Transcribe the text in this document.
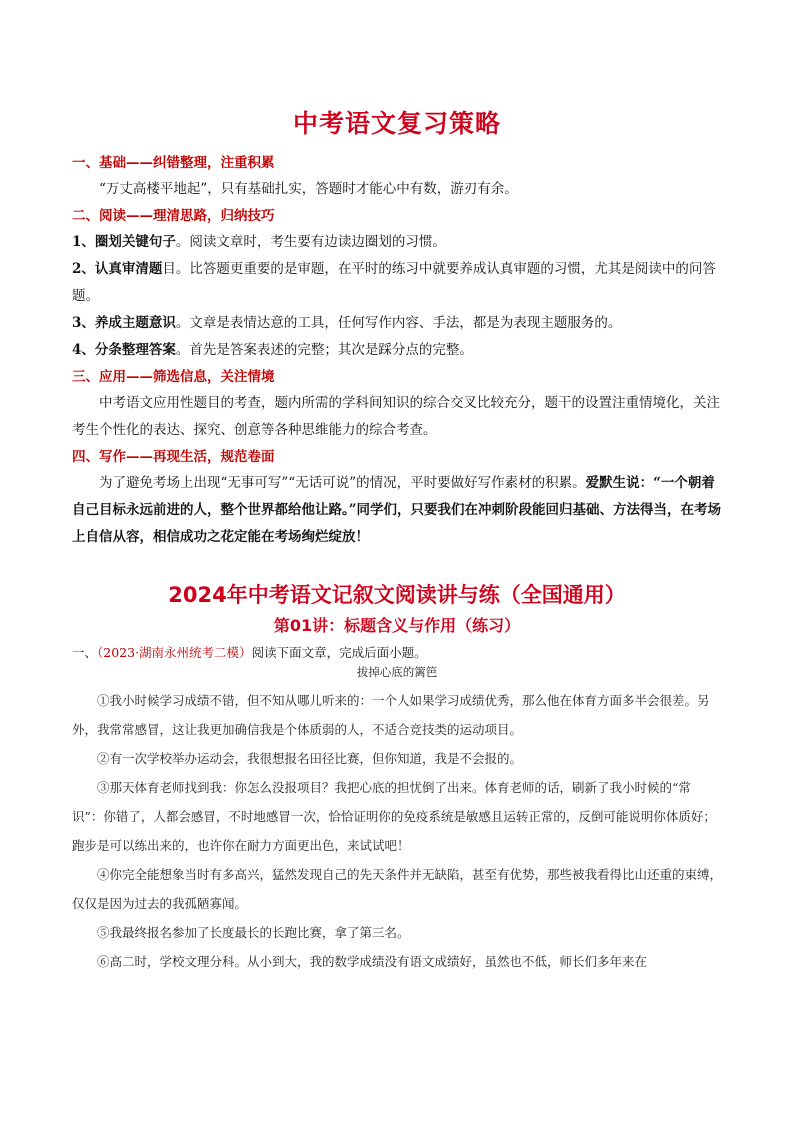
中考语文复习策略

一、基础——纠错整理，注重积累

“万丈高楼平地起”，只有基础扎实，答题时才能心中有数，游刃有余。

二、阅读——理清思路，归纳技巧

1、圈划关键句子。阅读文章时，考生要有边读边圈划的习惯。

2、认真审清题目。比答题更重要的是审题，在平时的练习中就要养成认真审题的习惯，尤其是阅读中的问答题。

3、养成主题意识。文章是表情达意的工具，任何写作内容、手法，都是为表现主题服务的。

4、分条整理答案。首先是答案表述的完整；其次是踩分点的完整。

三、应用——筛选信息，关注情境

中考语文应用性题目的考查，题内所需的学科间知识的综合交叉比较充分，题干的设置注重情境化，关注考生个性化的表达、探究、创意等各种思维能力的综合考查。

四、写作——再现生活，规范卷面

为了避免考场上出现“无事可写”“无话可说”的情况，平时要做好写作素材的积累。爱默生说：“一个朝着自己目标永远前进的人，整个世界都给他让路。”同学们，只要我们在冲刺阶段能回归基础、方法得当，在考场上自信从容，相信成功之花定能在考场绚烂绽放！

2024年中考语文记叙文阅读讲与练（全国通用）
第01讲：标题含义与作用（练习）

一、（2023·湖南永州统考二模）阅读下面文章，完成后面小题。

拔掉心底的篱笆

①我小时候学习成绩不错，但不知从哪儿听来的：一个人如果学习成绩优秀，那么他在体育方面多半会很差。另外，我常常感冒，这让我更加确信我是个体质弱的人，不适合竞技类的运动项目。

②有一次学校举办运动会，我很想报名田径比赛，但你知道，我是不会报的。

③那天体育老师找到我：你怎么没报项目？我把心底的担忧倒了出来。体育老师的话，刷新了我小时候的“常识”：你错了，人都会感冒，不时地感冒一次，恰恰证明你的免疫系统是敏感且运转正常的，反倒可能说明你体质好；跑步是可以练出来的，也许你在耐力方面更出色，来试试吧！

④你完全能想象当时有多高兴，猛然发现自己的先天条件并无缺陷，甚至有优势，那些被我看得比山还重的束缚，仅仅是因为过去的我孤陋寡闻。

⑤我最终报名参加了长度最长的长跑比赛，拿了第三名。

⑥高二时，学校文理分科。从小到大，我的数学成绩没有语文成绩好，虽然也不低，师长们多年来在
